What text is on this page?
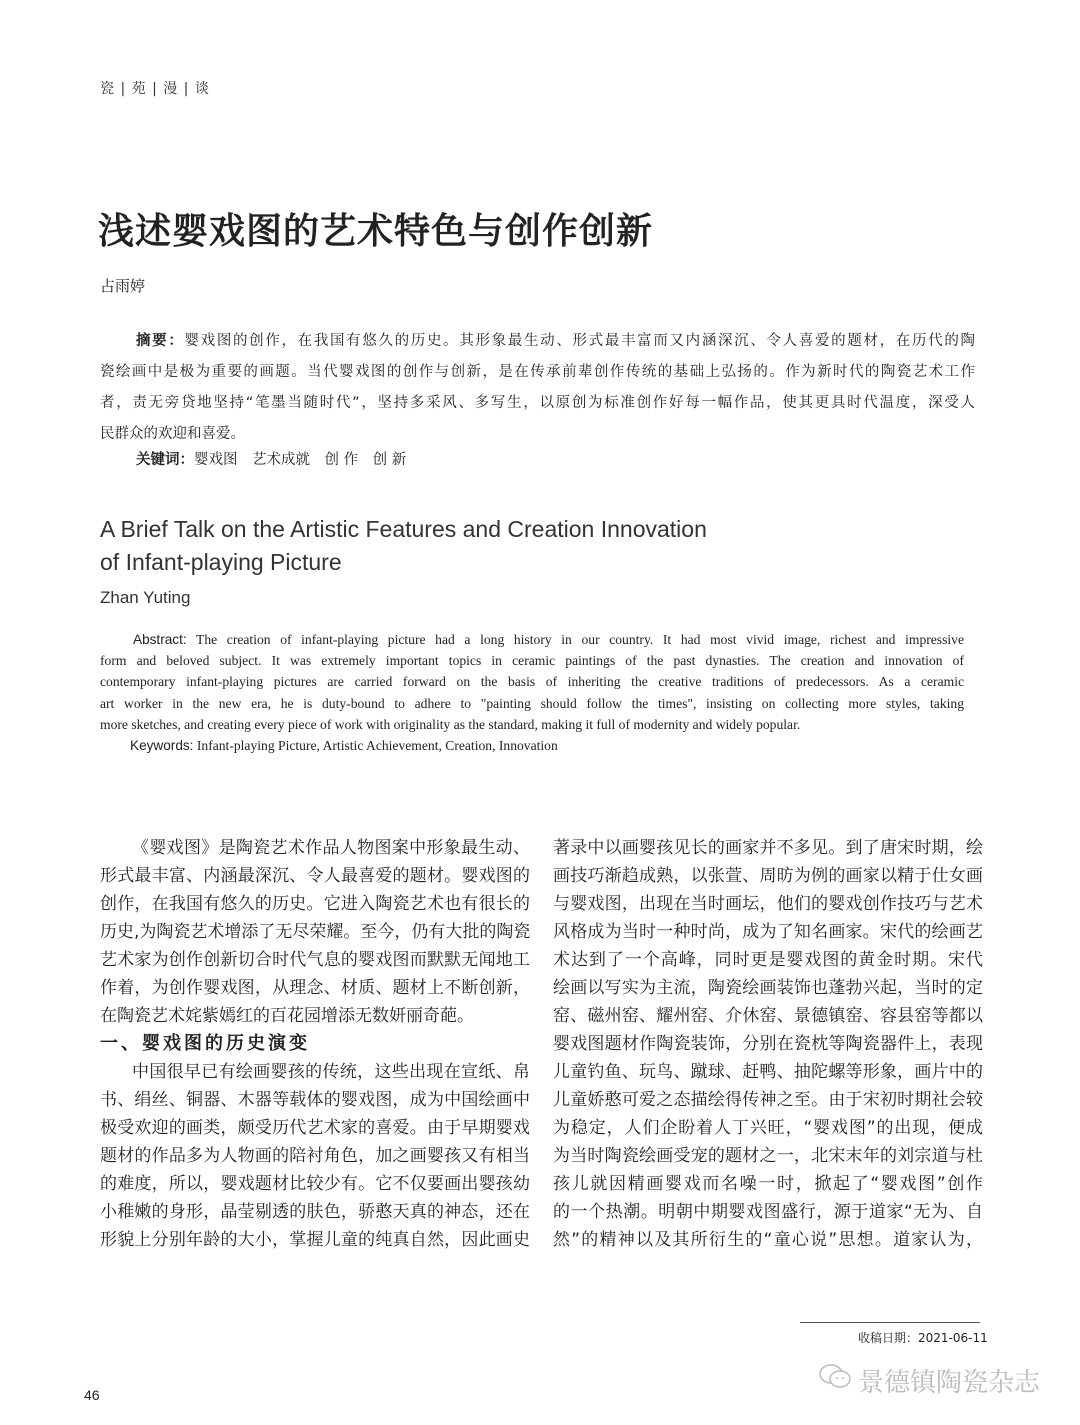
瓷 | 苑 | 漫 | 谈
浅述婴戏图的艺术特色与创作创新
占雨婷
摘要：婴戏图的创作，在我国有悠久的历史。其形象最生动、形式最丰富而又内涵深沉、令人喜爱的题材，在历代的陶
瓷绘画中是极为重要的画题。当代婴戏图的创作与创新，是在传承前辈创作传统的基础上弘扬的。作为新时代的陶瓷艺术工作
者，责无旁贷地坚持“笔墨当随时代”，坚持多采风、多写生，以原创为标准创作好每一幅作品，使其更具时代温度，深受人
民群众的欢迎和喜爱。
关键词：婴戏图　艺术成就　创 作　创 新
A Brief Talk on the Artistic Features and Creation Innovation
of Infant-playing Picture
Zhan Yuting
Abstract: The creation of infant-playing picture had a long history in our country. It had most vivid image, richest and impressive
form and beloved subject. It was extremely important topics in ceramic paintings of the past dynasties. The creation and innovation of
contemporary infant-playing pictures are carried forward on the basis of inheriting the creative traditions of predecessors. As a ceramic
art worker in the new era, he is duty-bound to adhere to "painting should follow the times", insisting on collecting more styles, taking
more sketches, and creating every piece of work with originality as the standard, making it full of modernity and widely popular.
Keywords: Infant-playing Picture, Artistic Achievement, Creation, Innovation
《婴戏图》是陶瓷艺术作品人物图案中形象最生动、
形式最丰富、内涵最深沉、令人最喜爱的题材。婴戏图的
创作，在我国有悠久的历史。它进入陶瓷艺术也有很长的
历史,为陶瓷艺术增添了无尽荣耀。至今，仍有大批的陶瓷
艺术家为创作创新切合时代气息的婴戏图而默默无闻地工
作着，为创作婴戏图，从理念、材质、题材上不断创新，
在陶瓷艺术姹紫嫣红的百花园增添无数妍丽奇葩。
一、婴戏图的历史演变
中国很早已有绘画婴孩的传统，这些出现在宣纸、帛
书、绢丝、铜器、木器等载体的婴戏图，成为中国绘画中
极受欢迎的画类，颇受历代艺术家的喜爱。由于早期婴戏
题材的作品多为人物画的陪衬角色，加之画婴孩又有相当
的难度，所以，婴戏题材比较少有。它不仅要画出婴孩幼
小稚嫩的身形，晶莹剔透的肤色，骄憨天真的神态，还在
形貌上分别年龄的大小，掌握儿童的纯真自然，因此画史
著录中以画婴孩见长的画家并不多见。到了唐宋时期，绘
画技巧渐趋成熟，以张萱、周昉为例的画家以精于仕女画
与婴戏图，出现在当时画坛，他们的婴戏创作技巧与艺术
风格成为当时一种时尚，成为了知名画家。宋代的绘画艺
术达到了一个高峰，同时更是婴戏图的黄金时期。宋代
绘画以写实为主流，陶瓷绘画装饰也蓬勃兴起，当时的定
窑、磁州窑、耀州窑、介休窑、景德镇窑、容县窑等都以
婴戏图题材作陶瓷装饰，分别在瓷枕等陶瓷器件上，表现
儿童钓鱼、玩鸟、蹴球、赶鸭、抽陀螺等形象，画片中的
儿童娇憨可爱之态描绘得传神之至。由于宋初时期社会较
为稳定，人们企盼着人丁兴旺，“婴戏图”的出现，便成
为当时陶瓷绘画受宠的题材之一，北宋末年的刘宗道与杜
孩儿就因精画婴戏而名噪一时，掀起了“婴戏图”创作
的一个热潮。明朝中期婴戏图盛行，源于道家“无为、自
然”的精神以及其所衍生的“童心说”思想。道家认为，
收稿日期：2021-06-11
46	景德镇陶瓷杂志
